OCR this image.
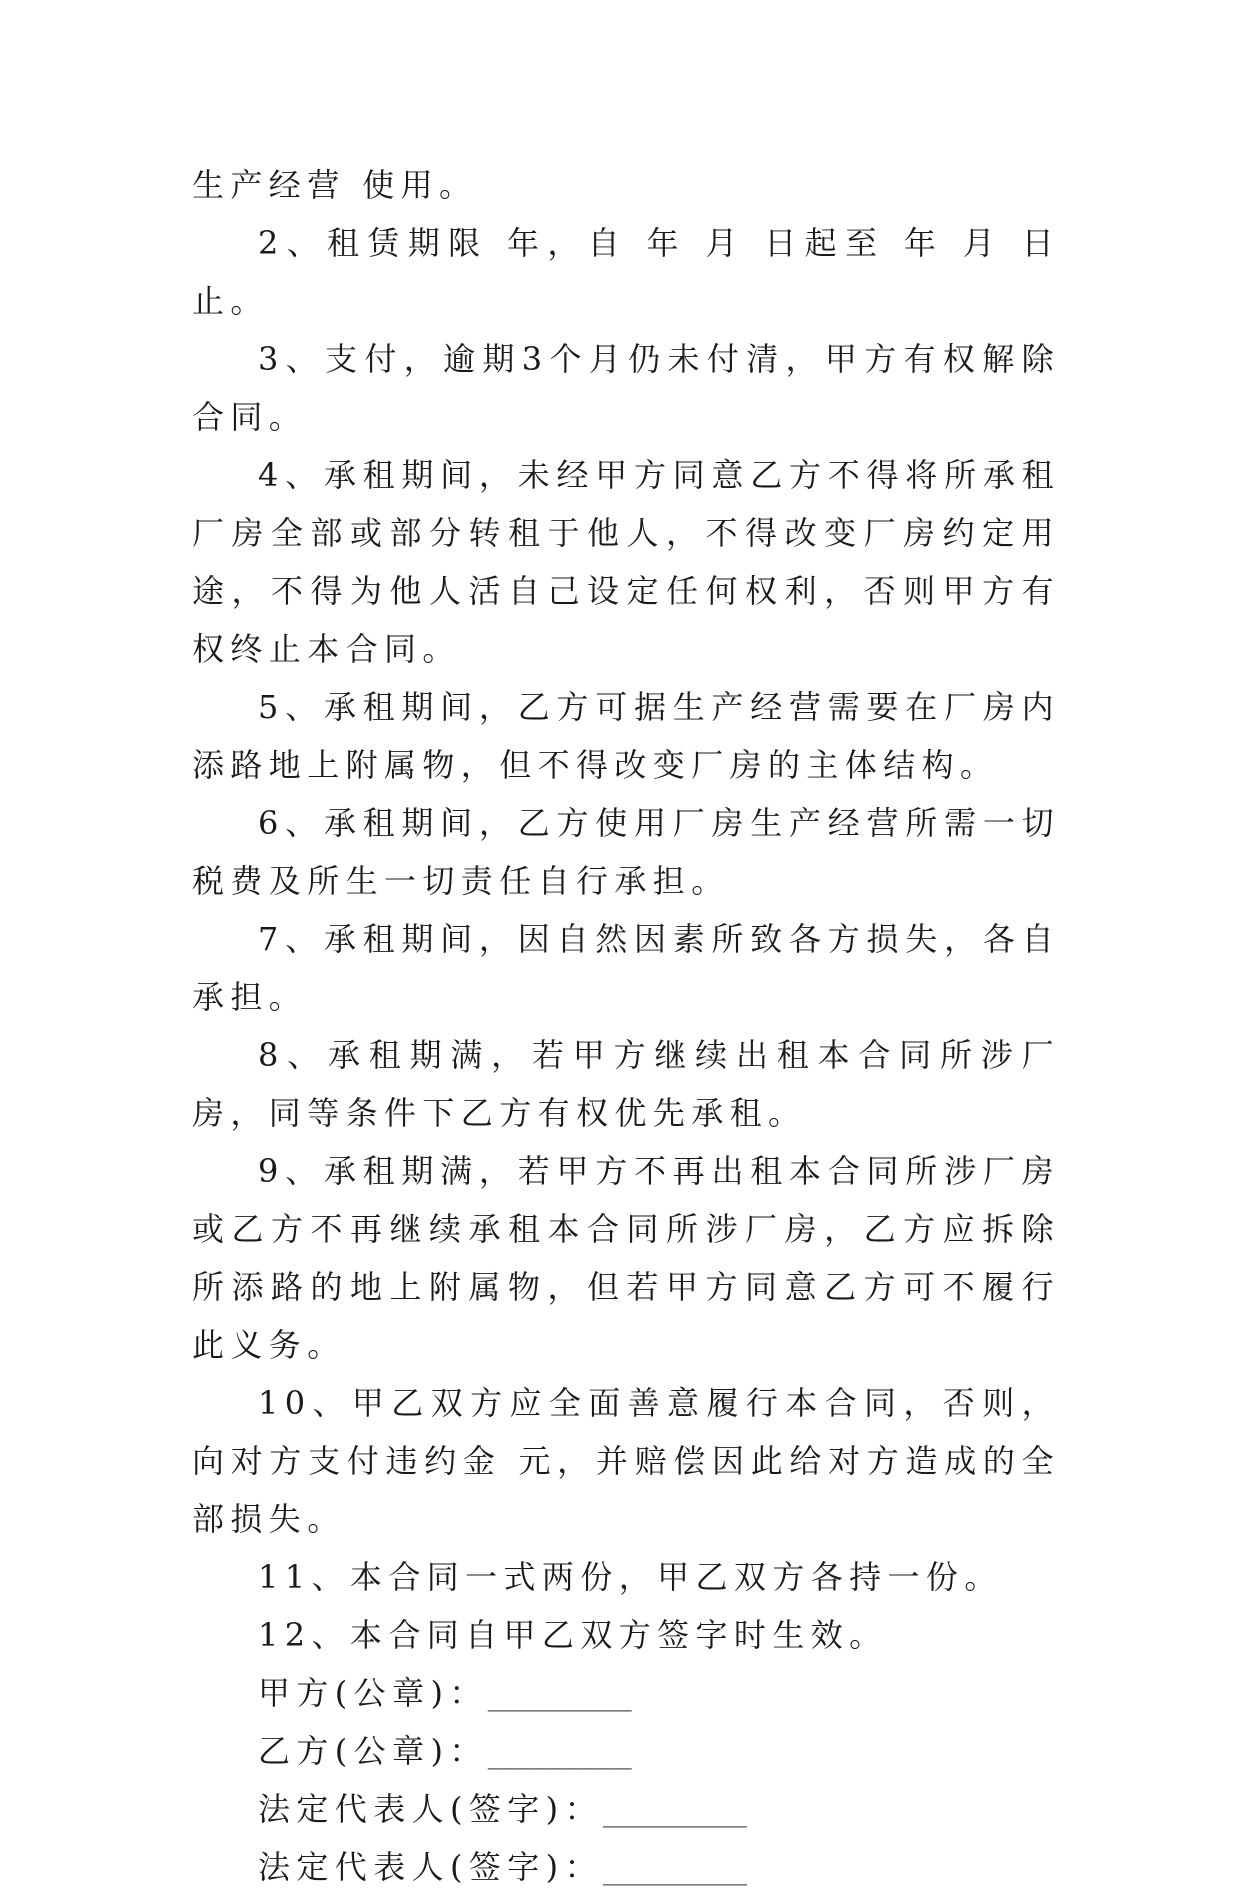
生产经营 使用。

2、租赁期限 年，自 年 月 日起至 年 月 日止。

3、支付，逾期3个月仍未付清，甲方有权解除合同。

4、承租期间，未经甲方同意乙方不得将所承租厂房全部或部分转租于他人，不得改变厂房约定用途，不得为他人活自己设定任何权利，否则甲方有权终止本合同。

5、承租期间，乙方可据生产经营需要在厂房内添路地上附属物，但不得改变厂房的主体结构。

6、承租期间，乙方使用厂房生产经营所需一切税费及所生一切责任自行承担。

7、承租期间，因自然因素所致各方损失，各自承担。

8、承租期满，若甲方继续出租本合同所涉厂房，同等条件下乙方有权优先承租。

9、承租期满，若甲方不再出租本合同所涉厂房或乙方不再继续承租本合同所涉厂房，乙方应拆除所添路的地上附属物，但若甲方同意乙方可不履行此义务。

10、甲乙双方应全面善意履行本合同，否则，向对方支付违约金 元，并赔偿因此给对方造成的全部损失。

11、本合同一式两份，甲乙双方各持一份。

12、本合同自甲乙双方签字时生效。

甲方(公章)：_________
乙方(公章)：_________
法定代表人(签字)：_________
法定代表人(签字)：_________
